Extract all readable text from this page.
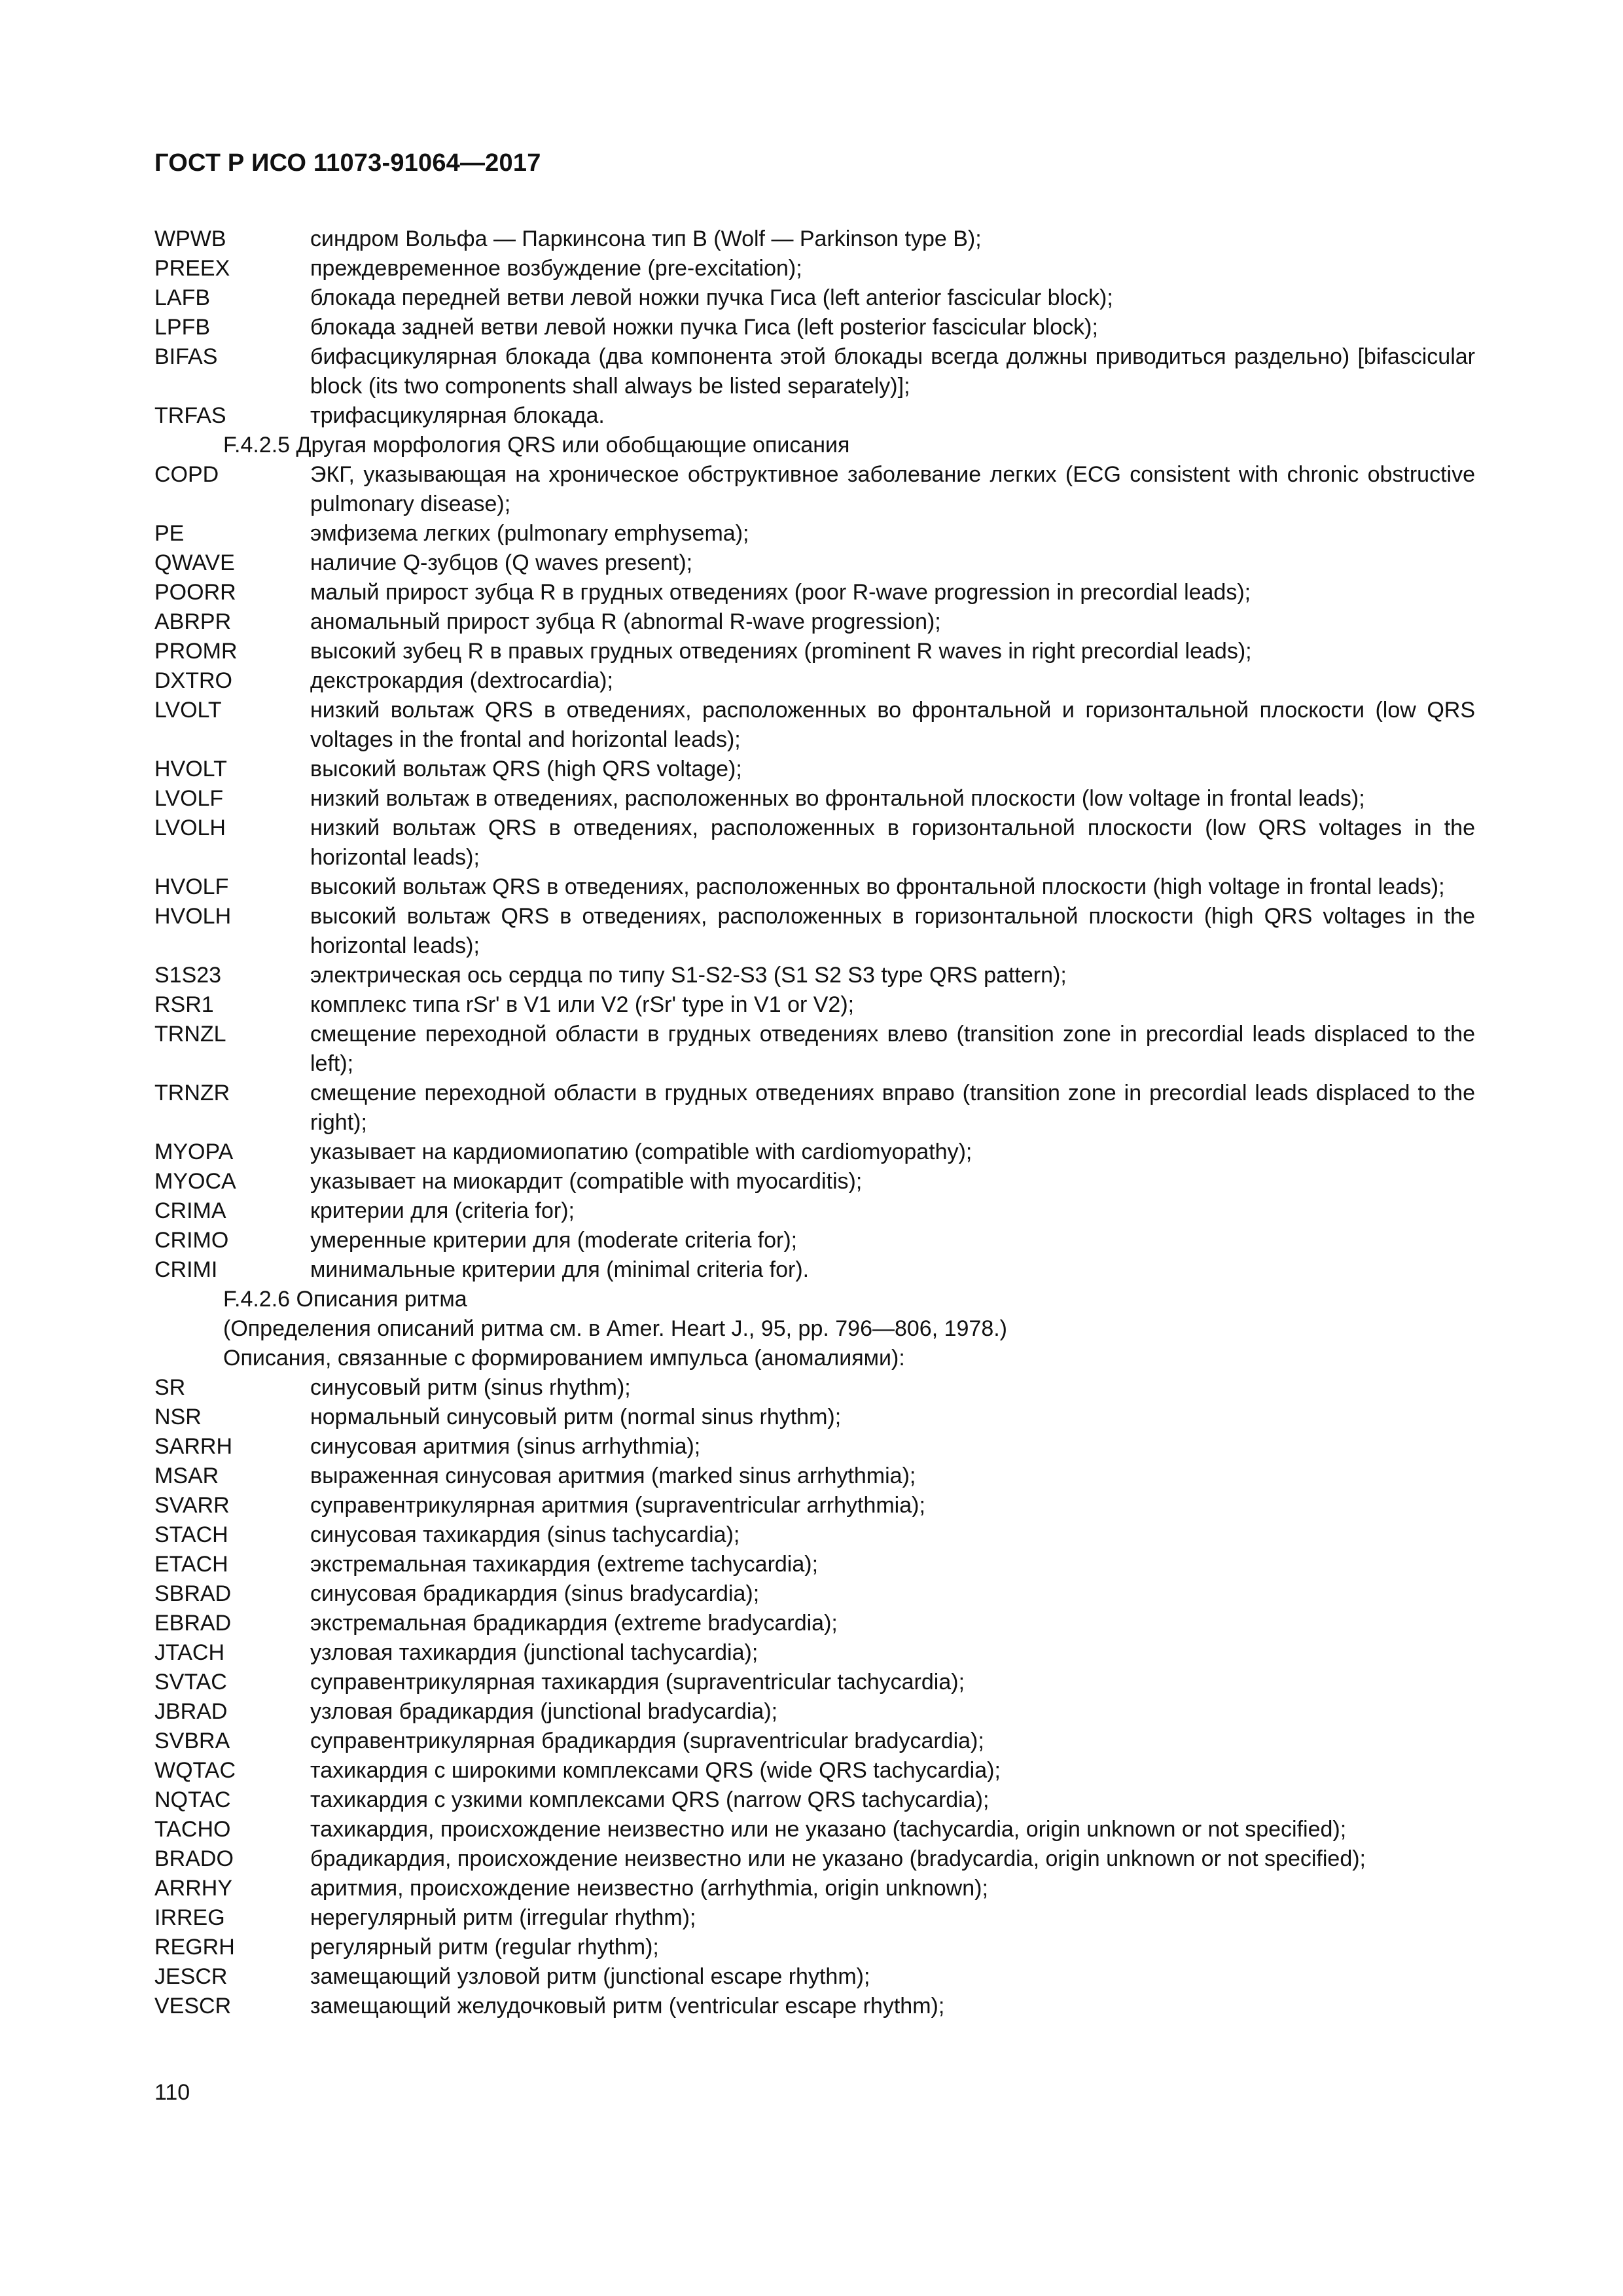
ГОСТ Р ИСО 11073-91064—2017
WPWB	синдром Вольфа — Паркинсона тип B (Wolf — Parkinson type B);
PREEX	преждевременное возбуждение (pre-excitation);
LAFB	блокада передней ветви левой ножки пучка Гиса (left anterior fascicular block);
LPFB	блокада задней ветви левой ножки пучка Гиса (left posterior fascicular block);
BIFAS	бифасцикулярная блокада (два компонента этой блокады всегда должны приводиться раздельно) [bifascicular block (its two components shall always be listed separately)];
TRFAS	трифасцикулярная блокада.
F.4.2.5 Другая морфология QRS или обобщающие описания
COPD	ЭКГ, указывающая на хроническое обструктивное заболевание легких (ECG consistent with chronic obstructive pulmonary disease);
PE	эмфизема легких (pulmonary emphysema);
QWAVE	наличие Q-зубцов (Q waves present);
POORR	малый прирост зубца R в грудных отведениях (poor R-wave progression in precordial leads);
ABRPR	аномальный прирост зубца R (abnormal R-wave progression);
PROMR	высокий зубец R в правых грудных отведениях (prominent R waves in right precordial leads);
DXTRO	декстрокардия (dextrocardia);
LVOLT	низкий вольтаж QRS в отведениях, расположенных во фронтальной и горизонтальной плоскости (low QRS voltages in the frontal and horizontal leads);
HVOLT	высокий вольтаж QRS (high QRS voltage);
LVOLF	низкий вольтаж в отведениях, расположенных во фронтальной плоскости (low voltage in frontal leads);
LVOLH	низкий вольтаж QRS в отведениях, расположенных в горизонтальной плоскости (low QRS voltages in the horizontal leads);
HVOLF	высокий вольтаж QRS в отведениях, расположенных во фронтальной плоскости (high voltage in frontal leads);
HVOLH	высокий вольтаж QRS в отведениях, расположенных в горизонтальной плоскости (high QRS voltages in the horizontal leads);
S1S23	электрическая ось сердца по типу S1-S2-S3 (S1 S2 S3 type QRS pattern);
RSR1	комплекс типа rSr' в V1 или V2 (rSr' type in V1 or V2);
TRNZL	смещение переходной области в грудных отведениях влево (transition zone in precordial leads displaced to the left);
TRNZR	смещение переходной области в грудных отведениях вправо (transition zone in precordial leads displaced to the right);
MYOPA	указывает на кардиомиопатию (compatible with cardiomyopathy);
MYOCA	указывает на миокардит (compatible with myocarditis);
CRIMA	критерии для (criteria for);
CRIMO	умеренные критерии для (moderate criteria for);
CRIMI	минимальные критерии для (minimal criteria for).
F.4.2.6 Описания ритма
(Определения описаний ритма см. в Amer. Heart J., 95, pp. 796—806, 1978.)
Описания, связанные с формированием импульса (аномалиями):
SR	синусовый ритм (sinus rhythm);
NSR	нормальный синусовый ритм (normal sinus rhythm);
SARRH	синусовая аритмия (sinus arrhythmia);
MSAR	выраженная синусовая аритмия (marked sinus arrhythmia);
SVARR	суправентрикулярная аритмия (supraventricular arrhythmia);
STACH	синусовая тахикардия (sinus tachycardia);
ETACH	экстремальная тахикардия (extreme tachycardia);
SBRAD	синусовая брадикардия (sinus bradycardia);
EBRAD	экстремальная брадикардия (extreme bradycardia);
JTACH	узловая тахикардия (junctional tachycardia);
SVTAC	суправентрикулярная тахикардия (supraventricular tachycardia);
JBRAD	узловая брадикардия (junctional bradycardia);
SVBRA	суправентрикулярная брадикардия (supraventricular bradycardia);
WQTAC	тахикардия с широкими комплексами QRS (wide QRS tachycardia);
NQTAC	тахикардия с узкими комплексами QRS (narrow QRS tachycardia);
TACHO	тахикардия, происхождение неизвестно или не указано (tachycardia, origin unknown or not specified);
BRADO	брадикардия, происхождение неизвестно или не указано (bradycardia, origin unknown or not specified);
ARRHY	аритмия, происхождение неизвестно (arrhythmia, origin unknown);
IRREG	нерегулярный ритм (irregular rhythm);
REGRH	регулярный ритм (regular rhythm);
JESCR	замещающий узловой ритм (junctional escape rhythm);
VESCR	замещающий желудочковый ритм (ventricular escape rhythm);
110
